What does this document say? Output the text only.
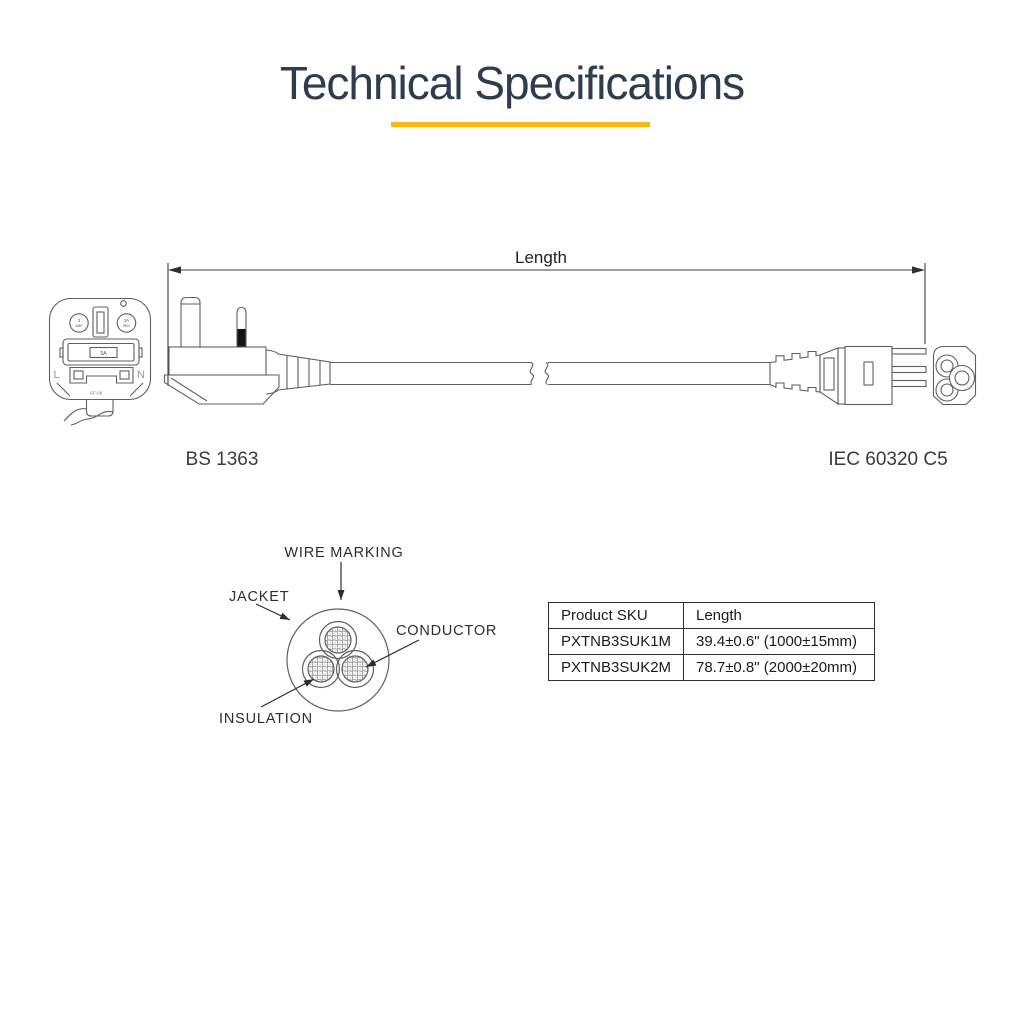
Technical Specifications
Length
3
AMP
3A
250V
3A
L	N
SF-06
BS 1363	IEC 60320 C5
WIRE MARKING
JACKET
CONDUCTOR
INSULATION
Product SKU	Length
PXTNB3SUK1M	39.4±0.6" (1000±15mm)
PXTNB3SUK2M	78.7±0.8" (2000±20mm)
